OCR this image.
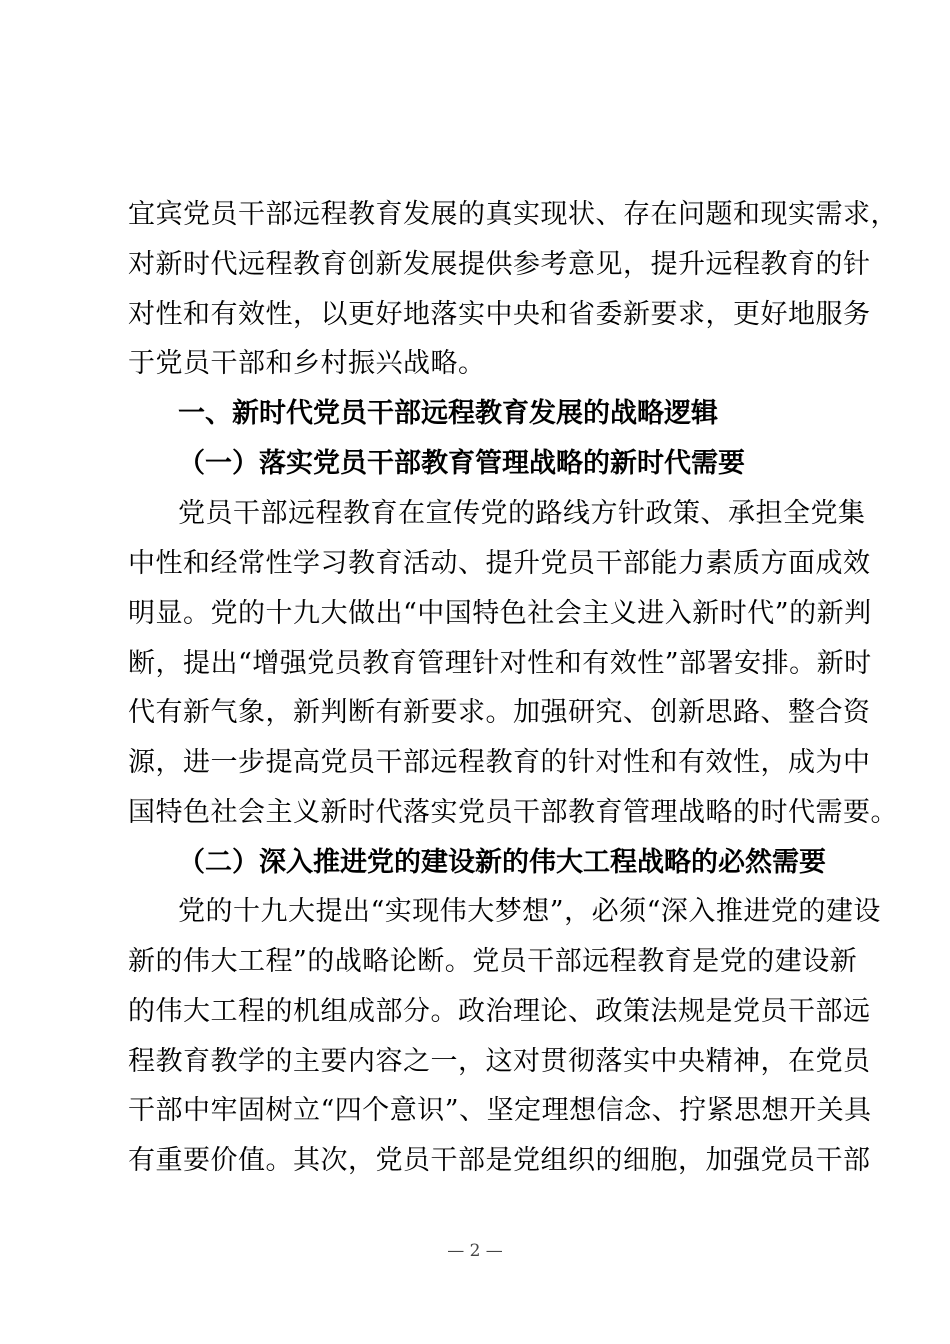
宜宾党员干部远程教育发展的真实现状、存在问题和现实需求，
对新时代远程教育创新发展提供参考意见，提升远程教育的针
对性和有效性，以更好地落实中央和省委新要求，更好地服务
于党员干部和乡村振兴战略。
一、新时代党员干部远程教育发展的战略逻辑
（一）落实党员干部教育管理战略的新时代需要
党员干部远程教育在宣传党的路线方针政策、承担全党集
中性和经常性学习教育活动、提升党员干部能力素质方面成效
明显。党的十九大做出“中国特色社会主义进入新时代”的新判
断，提出“增强党员教育管理针对性和有效性”部署安排。新时
代有新气象，新判断有新要求。加强研究、创新思路、整合资
源，进一步提高党员干部远程教育的针对性和有效性，成为中
国特色社会主义新时代落实党员干部教育管理战略的时代需要。
（二）深入推进党的建设新的伟大工程战略的必然需要
党的十九大提出“实现伟大梦想”，必须“深入推进党的建设
新的伟大工程”的战略论断。党员干部远程教育是党的建设新
的伟大工程的机组成部分。政治理论、政策法规是党员干部远
程教育教学的主要内容之一，这对贯彻落实中央精神，在党员
干部中牢固树立“四个意识”、坚定理想信念、拧紧思想开关具
有重要价值。其次，党员干部是党组织的细胞，加强党员干部
— 2 —
